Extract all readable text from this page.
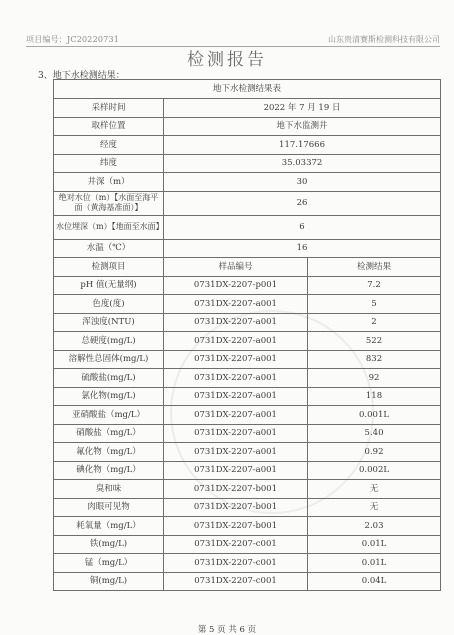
项目编号：JC20220731	山东贵清赛斯检测科技有限公司
检测报告
3、地下水检测结果：
地下水检测结果表		
采样时间	2022 年 7 月 19 日	
取样位置	地下水监测井	
经度	117.17666	
纬度	35.03372	
井深（m）	30	
绝对水位（m）【水面至海平面（黄海基准面）】	26	
水位埋深（m）【地面至水面】	6	
水温（℃）	16	
检测项目	样品编号	检测结果
pH 值(无量纲)	0731DX-2207-p001	7.2
色度(度)	0731DX-2207-a001	5
浑浊度(NTU)	0731DX-2207-a001	2
总硬度(mg/L)	0731DX-2207-a001	522
溶解性总固体(mg/L)	0731DX-2207-a001	832
硫酸盐(mg/L)	0731DX-2207-a001	92
氯化物(mg/L)	0731DX-2207-a001	118
亚硝酸盐（mg/L）	0731DX-2207-a001	0.001L
硝酸盐（mg/L）	0731DX-2207-a001	5.40
氟化物（mg/L）	0731DX-2207-a001	0.92
碘化物（mg/L）	0731DX-2207-a001	0.002L
臭和味	0731DX-2207-b001	无
肉眼可见物	0731DX-2207-b001	无
耗氧量（mg/L）	0731DX-2207-b001	2.03
铁(mg/L)	0731DX-2207-c001	0.01L
锰（mg/L）	0731DX-2207-c001	0.01L
铜(mg/L)	0731DX-2207-c001	0.04L
第 5 页 共 6 页
